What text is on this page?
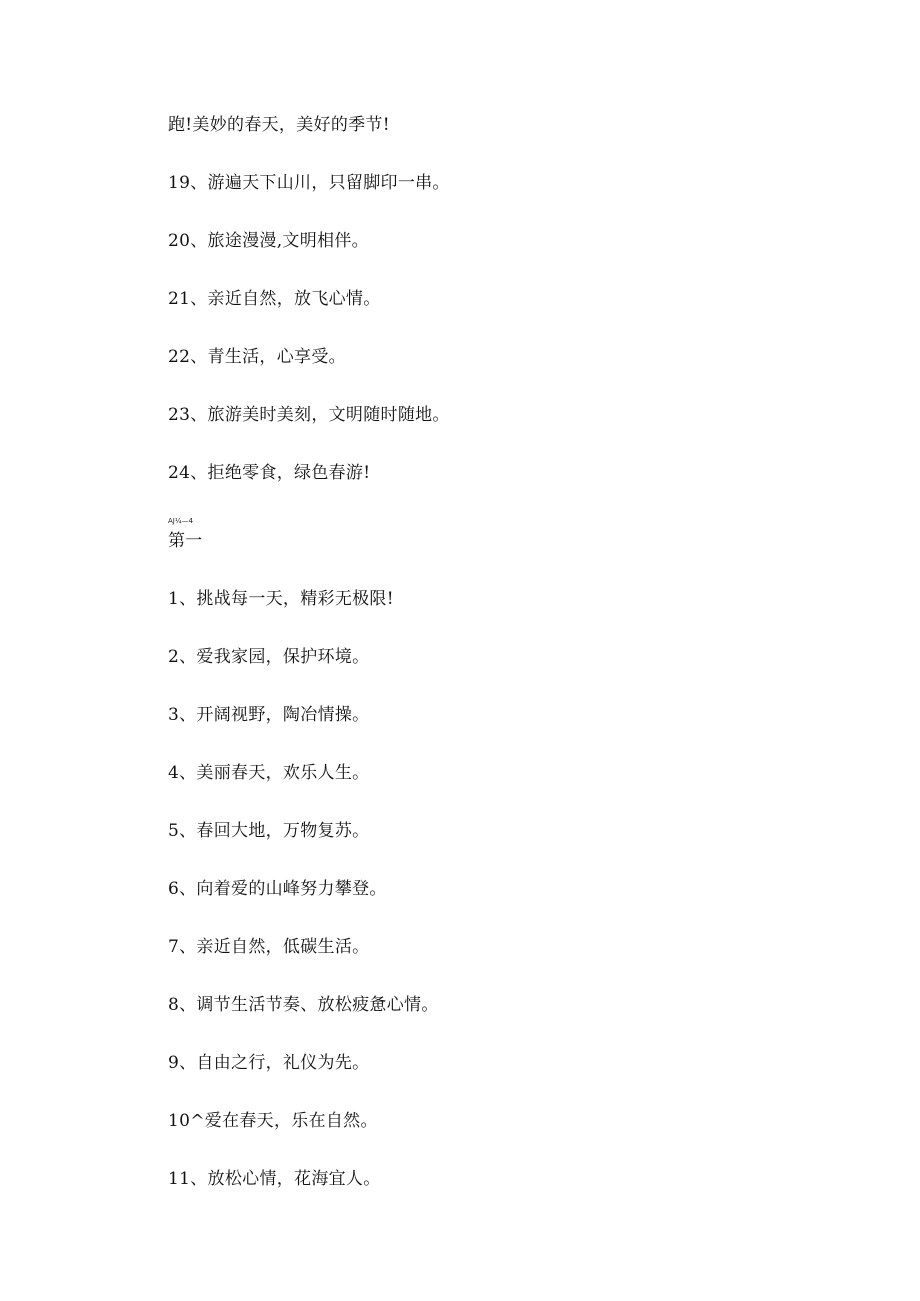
跑!美妙的春天，美好的季节!
19、游遍天下山川，只留脚印一串。
20、旅途漫漫,文明相伴。
21、亲近自然，放飞心情。
22、青生活，心享受。
23、旅游美时美刻，文明随时随地。
24、拒绝零食，绿色春游!
AJ¼—4
第一
1、挑战每一天，精彩无极限!
2、爱我家园，保护环境。
3、开阔视野，陶冶情操。
4、美丽春天，欢乐人生。
5、春回大地，万物复苏。
6、向着爱的山峰努力攀登。
7、亲近自然，低碳生活。
8、调节生活节奏、放松疲惫心情。
9、自由之行，礼仪为先。
10^爱在春天，乐在自然。
11、放松心情，花海宜人。
